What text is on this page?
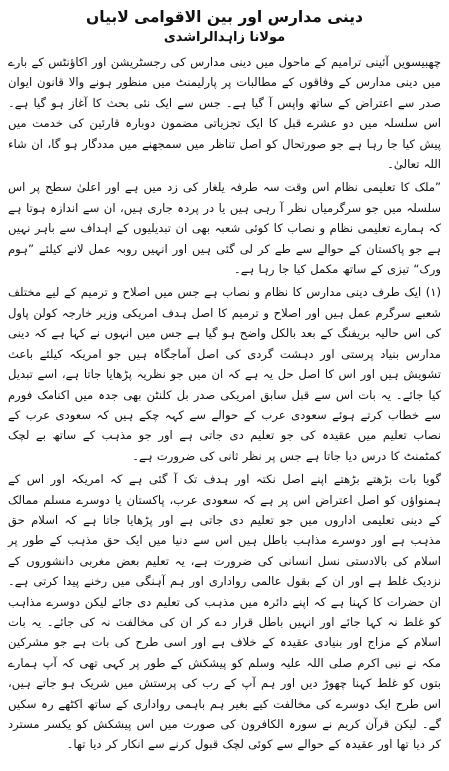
دینی مدارس اور بین الاقوامی لابیاں
مولانا زاہدالراشدی

چھبیسویں آئینی ترامیم کے ماحول میں دینی مدارس کی رجسٹریشن اور اکاؤنٹس کے بارے میں دینی مدارس کے وفاقوں کے مطالبات پر پارلیمنٹ میں منظور ہونے والا قانون ایوان صدر سے اعتراض کے ساتھ واپس آ گیا ہے۔ جس سے ایک نئی بحث کا آغاز ہو گیا ہے۔ اس سلسلہ میں دو عشرے قبل کا ایک تجزیاتی مضمون دوبارہ قارئین کی خدمت میں پیش کیا جا رہا ہے جو صورتحال کو اصل تناظر میں سمجھنے میں مددگار ہو گا، ان شاء اللہ تعالیٰ۔

”ملک کا تعلیمی نظام اس وقت سہ طرفہ یلغار کی زد میں ہے اور اعلیٰ سطح پر اس سلسلہ میں جو سرگرمیاں نظر آ رہی ہیں یا در پردہ جاری ہیں، ان سے اندازہ ہوتا ہے کہ ہمارے تعلیمی نظام و نصاب کا کوئی شعبہ بھی ان تبدیلیوں کے اہداف سے باہر نہیں ہے جو پاکستان کے حوالے سے طے کر لی گئی ہیں اور انہیں روبہ عمل لانے کیلئے ”ہوم ورک“ تیزی کے ساتھ مکمل کیا جا رہا ہے۔

(۱) ایک طرف دینی مدارس کا نظام و نصاب ہے جس میں اصلاح و ترمیم کے لیے مختلف شعبے سرگرم عمل ہیں اور اصلاح و ترمیم کا اصل ہدف امریکی وزیر خارجہ کولن پاول کی اس حالیہ بریفنگ کے بعد بالکل واضح ہو گیا ہے جس میں انہوں نے کہا ہے کہ دینی مدارس بنیاد پرستی اور دہشت گردی کی اصل آماجگاہ ہیں جو امریکہ کیلئے باعث تشویش ہیں اور اس کا اصل حل یہ ہے کہ ان میں جو نظریہ پڑھایا جاتا ہے، اسے تبدیل کیا جائے۔ یہ بات اس سے قبل سابق امریکی صدر بل کلنٹن بھی جدہ میں اکنامک فورم سے خطاب کرتے ہوئے سعودی عرب کے حوالے سے کہہ چکے ہیں کہ سعودی عرب کے نصاب تعلیم میں عقیدہ کی جو تعلیم دی جاتی ہے اور جو مذہب کے ساتھ بے لچک کمٹمنٹ کا درس دیا جاتا ہے جس پر نظر ثانی کی ضرورت ہے۔

گویا بات بڑھتے بڑھتے اپنے اصل نکتہ اور ہدف تک آ گئی ہے کہ امریکہ اور اس کے ہمنواؤں کو اصل اعتراض اس پر ہے کہ سعودی عرب، پاکستان یا دوسرے مسلم ممالک کے دینی تعلیمی اداروں میں جو تعلیم دی جاتی ہے اور پڑھایا جاتا ہے کہ اسلام حق مذہب ہے اور دوسرے مذاہب باطل ہیں اس سے دنیا میں ایک حق مذہب کے طور پر اسلام کی بالادستی نسل انسانی کی ضرورت ہے، یہ تعلیم بعض مغربی دانشوروں کے نزدیک غلط ہے اور ان کے بقول عالمی رواداری اور ہم آہنگی میں رخنے پیدا کرتی ہے۔ ان حضرات کا کہنا ہے کہ اپنے دائرہ میں مذہب کی تعلیم دی جائے لیکن دوسرے مذاہب کو غلط نہ کہا جائے اور انہیں باطل قرار دے کر ان کی مخالفت نہ کی جائے۔ یہ بات اسلام کے مزاج اور بنیادی عقیدہ کے خلاف ہے اور اسی طرح کی بات ہے جو مشرکین مکہ نے نبی اکرم صلی اللہ علیہ وسلم کو پیشکش کے طور پر کہی تھی کہ آپ ہمارے بتوں کو غلط کہنا چھوڑ دیں اور ہم آپ کے رب کی پرستش میں شریک ہو جاتے ہیں، اس طرح ایک دوسرے کی مخالفت کیے بغیر ہم باہمی رواداری کے ساتھ اکٹھے رہ سکیں گے۔ لیکن قرآن کریم نے سورہ الکافرون کی صورت میں اس پیشکش کو یکسر مسترد کر دیا تھا اور عقیدہ کے حوالے سے کوئی لچک قبول کرنے سے انکار کر دیا تھا۔
